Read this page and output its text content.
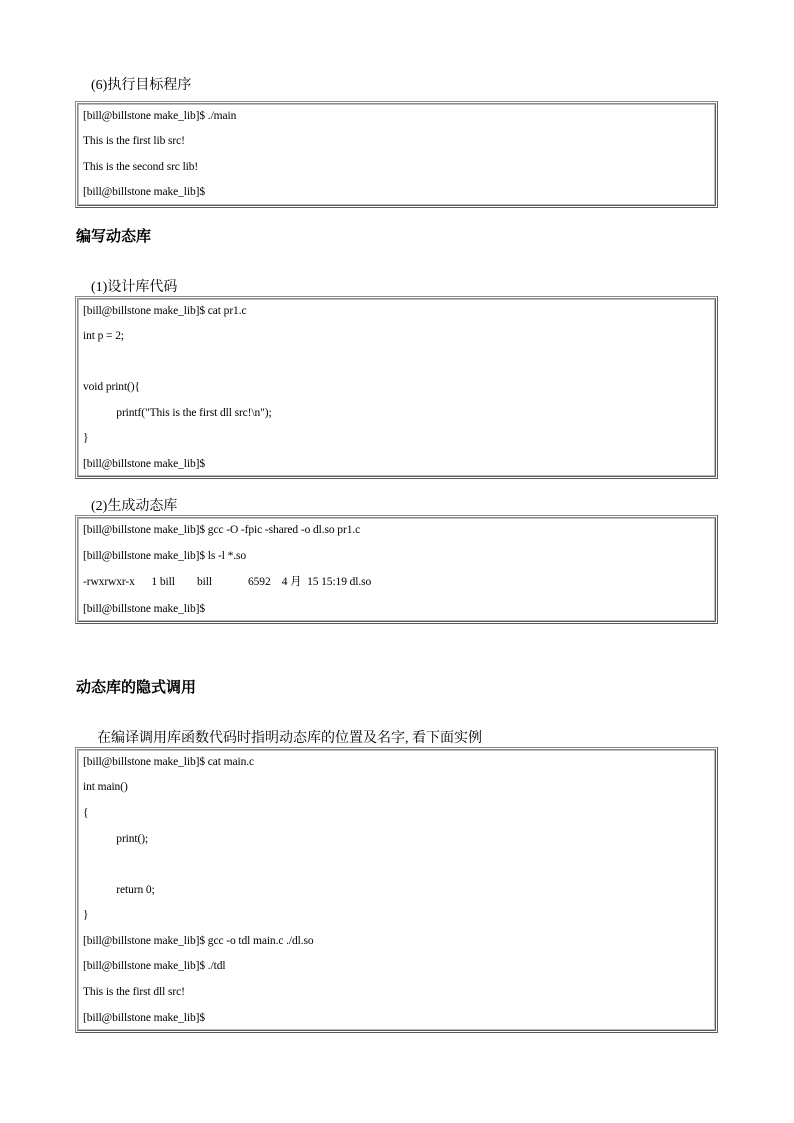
(6)执行目标程序
[bill@billstone make_lib]$ ./main
This is the first lib src!
This is the second src lib!
[bill@billstone make_lib]$
编写动态库
(1)设计库代码
[bill@billstone make_lib]$ cat pr1.c
int p = 2;
void print(){
printf("This is the first dll src!\n");
}
[bill@billstone make_lib]$
(2)生成动态库
[bill@billstone make_lib]$ gcc -O -fpic -shared -o dl.so pr1.c
[bill@billstone make_lib]$ ls -l *.so
-rwxrwxr-x      1 bill        bill             6592    4 月  15 15:19 dl.so
[bill@billstone make_lib]$
动态库的隐式调用
在编译调用库函数代码时指明动态库的位置及名字, 看下面实例
[bill@billstone make_lib]$ cat main.c
int main()
{
print();
return 0;
}
[bill@billstone make_lib]$ gcc -o tdl main.c ./dl.so
[bill@billstone make_lib]$ ./tdl
This is the first dll src!
[bill@billstone make_lib]$
